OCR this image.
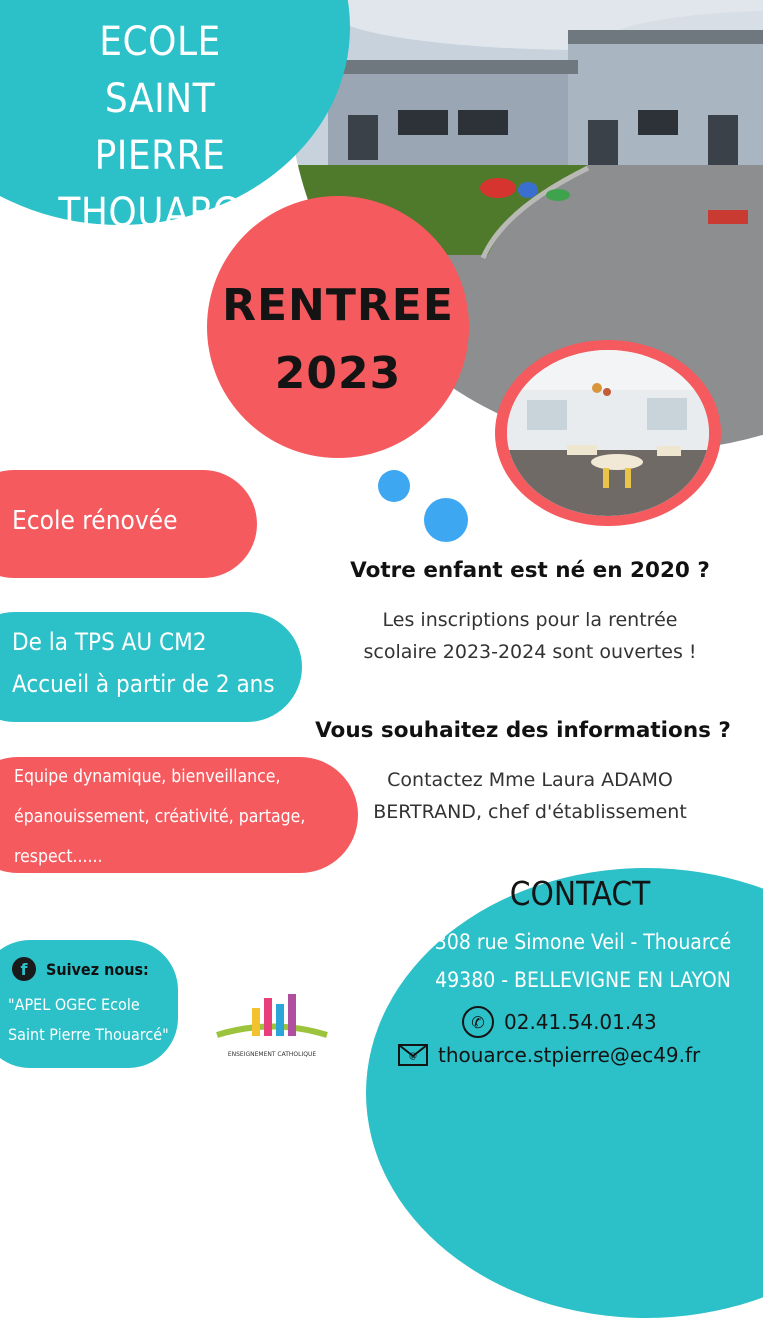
ECOLE
SAINT PIERRE
THOUARCE
RENTREE
2023
Ecole rénovée
De la TPS AU CM2
Accueil à partir de 2 ans
Equipe dynamique, bienveillance,
épanouissement, créativité, partage,
respect......
Votre enfant est né en 2020 ?
Les inscriptions pour la rentrée
scolaire 2023-2024 sont ouvertes !
Vous souhaitez des informations ?
Contactez Mme Laura ADAMO
BERTRAND, chef d'établissement
CONTACT
308 rue Simone Veil - Thouarcé
49380 - BELLEVIGNE EN LAYON
✆ 02.41.54.01.43
@ thouarce.stpierre@ec49.fr
f	Suivez nous:
"APEL OGEC Ecole
Saint Pierre Thouarcé"
ENSEIGNEMENT CATHOLIQUE
